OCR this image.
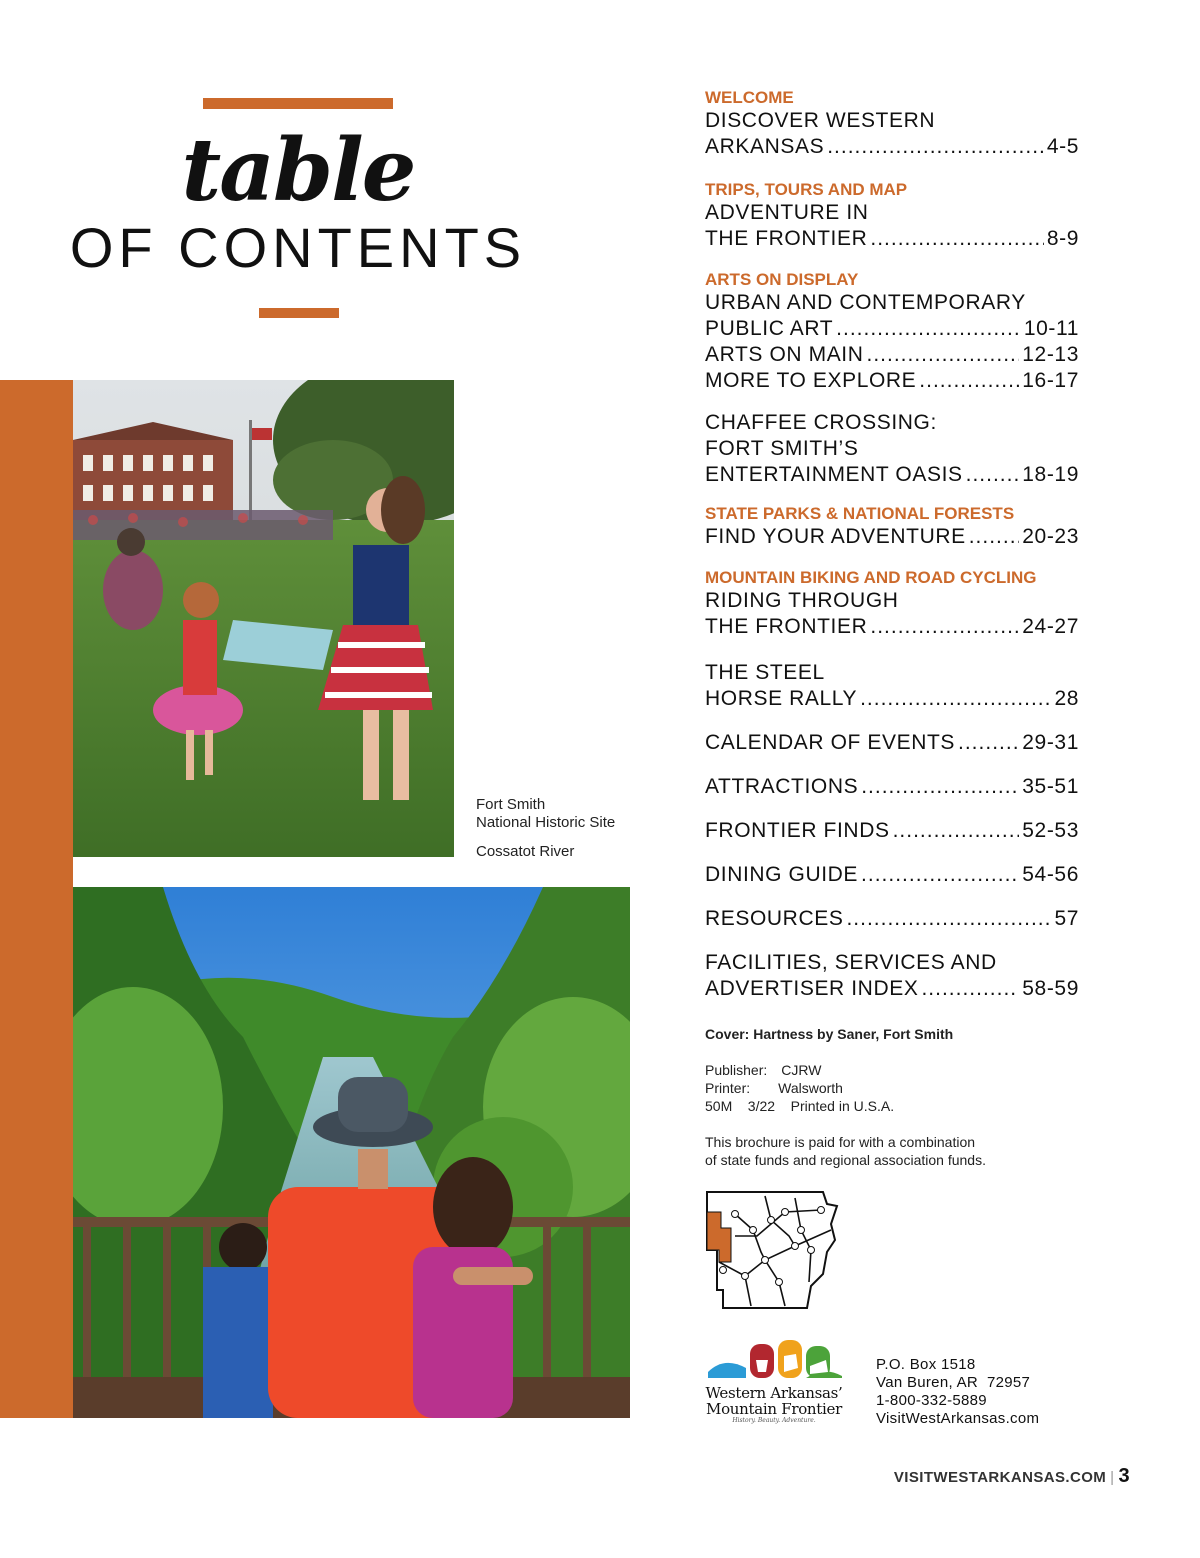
table
OF CONTENTS
Fort Smith
National Historic Site
Cossatot River
WELCOME
DISCOVER WESTERN
ARKANSAS .....	4-5
TRIPS, TOURS AND MAP
ADVENTURE IN
THE FRONTIER .....	8-9
ARTS ON DISPLAY
URBAN AND CONTEMPORARY
PUBLIC ART .....	10-11
ARTS ON MAIN .....	12-13
MORE TO EXPLORE .....	16-17
CHAFFEE CROSSING:
FORT SMITH’S
ENTERTAINMENT OASIS .....	18-19
STATE PARKS & NATIONAL FORESTS
FIND YOUR ADVENTURE .....	20-23
MOUNTAIN BIKING AND ROAD CYCLING
RIDING THROUGH
THE FRONTIER .....	24-27
THE STEEL
HORSE RALLY .....	28
CALENDAR OF EVENTS .....	29-31
ATTRACTIONS .....	35-51
FRONTIER FINDS .....	52-53
DINING GUIDE .....	54-56
RESOURCES .....	57
FACILITIES, SERVICES AND
ADVERTISER INDEX .....	58-59
Cover: Hartness by Saner, Fort Smith
Publisher: CJRW
Printer: Walsworth
50M    3/22    Printed in U.S.A.
This brochure is paid for with a combination
of state funds and regional association funds.
Western Arkansas’
Mountain Frontier
History. Beauty. Adventure.
P.O. Box 1518
Van Buren, AR  72957
1-800-332-5889
VisitWestArkansas.com
VISITWESTARKANSAS.COM | 3
